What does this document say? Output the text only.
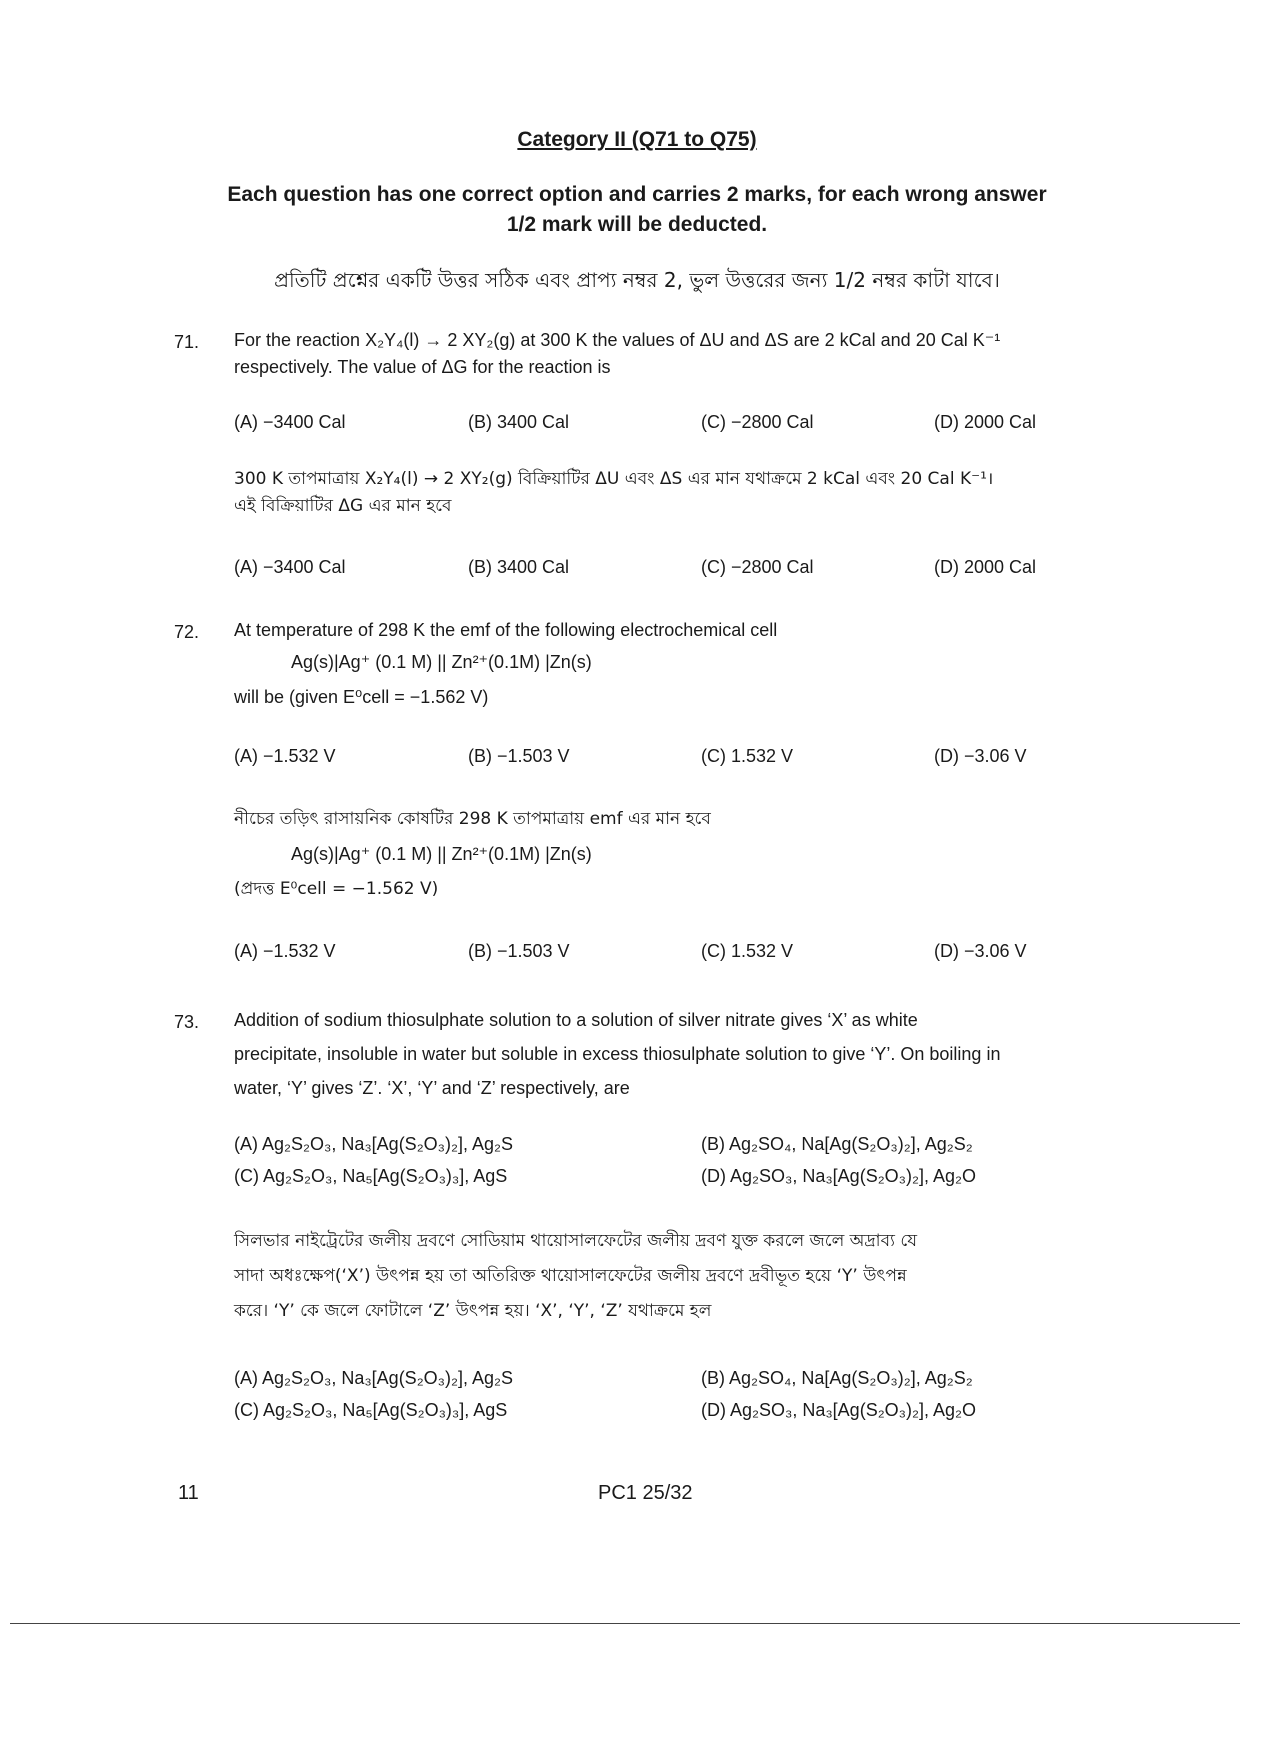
Category II (Q71 to Q75)
Each question has one correct option and carries 2 marks, for each wrong answer
1/2 mark will be deducted.
প্রতিটি প্রশ্নের একটি উত্তর সঠিক এবং প্রাপ্য নম্বর 2, ভুল উত্তরের জন্য 1/2 নম্বর কাটা যাবে।
71. For the reaction X₂Y₄(l) → 2 XY₂(g) at 300 K the values of ΔU and ΔS are 2 kCal and 20 Cal K⁻¹
respectively. The value of ΔG for the reaction is
(A) −3400 Cal	(B) 3400 Cal	(C) −2800 Cal	(D) 2000 Cal
300 K তাপমাত্রায় X₂Y₄(l) → 2 XY₂(g) বিক্রিয়াটির ΔU এবং ΔS এর মান যথাক্রমে 2 kCal এবং 20 Cal K⁻¹।
এই বিক্রিয়াটির ΔG এর মান হবে
(A) −3400 Cal	(B) 3400 Cal	(C) −2800 Cal	(D) 2000 Cal
72. At temperature of 298 K the emf of the following electrochemical cell
Ag(s)|Ag⁺ (0.1 M) || Zn²⁺(0.1M) |Zn(s)
will be (given E⁰cell = −1.562 V)
(A) −1.532 V	(B) −1.503 V	(C) 1.532 V	(D) −3.06 V
নীচের তড়িৎ রাসায়নিক কোষটির 298 K তাপমাত্রায় emf এর মান হবে
Ag(s)|Ag⁺ (0.1 M) || Zn²⁺(0.1M) |Zn(s)
(প্রদত্ত E⁰cell = −1.562 V)
(A) −1.532 V	(B) −1.503 V	(C) 1.532 V	(D) −3.06 V
73. Addition of sodium thiosulphate solution to a solution of silver nitrate gives ‘X’ as white
precipitate, insoluble in water but soluble in excess thiosulphate solution to give ‘Y’. On boiling in
water, ‘Y’ gives ‘Z’. ‘X’, ‘Y’ and ‘Z’ respectively, are
(A) Ag₂S₂O₃, Na₃[Ag(S₂O₃)₂], Ag₂S	(B) Ag₂SO₄, Na[Ag(S₂O₃)₂], Ag₂S₂
(C) Ag₂S₂O₃, Na₅[Ag(S₂O₃)₃], AgS	(D) Ag₂SO₃, Na₃[Ag(S₂O₃)₂], Ag₂O
সিলভার নাইট্রেটের জলীয় দ্রবণে সোডিয়াম থায়োসালফেটের জলীয় দ্রবণ যুক্ত করলে জলে অদ্রাব্য যে
সাদা অধঃক্ষেপ(‘X’) উৎপন্ন হয় তা অতিরিক্ত থায়োসালফেটের জলীয় দ্রবণে দ্রবীভূত হয়ে ‘Y’ উৎপন্ন
করে। ‘Y’ কে জলে ফোটালে ‘Z’ উৎপন্ন হয়। ‘X’, ‘Y’, ‘Z’ যথাক্রমে হল
(A) Ag₂S₂O₃, Na₃[Ag(S₂O₃)₂], Ag₂S	(B) Ag₂SO₄, Na[Ag(S₂O₃)₂], Ag₂S₂
(C) Ag₂S₂O₃, Na₅[Ag(S₂O₃)₃], AgS	(D) Ag₂SO₃, Na₃[Ag(S₂O₃)₂], Ag₂O
11	PC1 25/32
